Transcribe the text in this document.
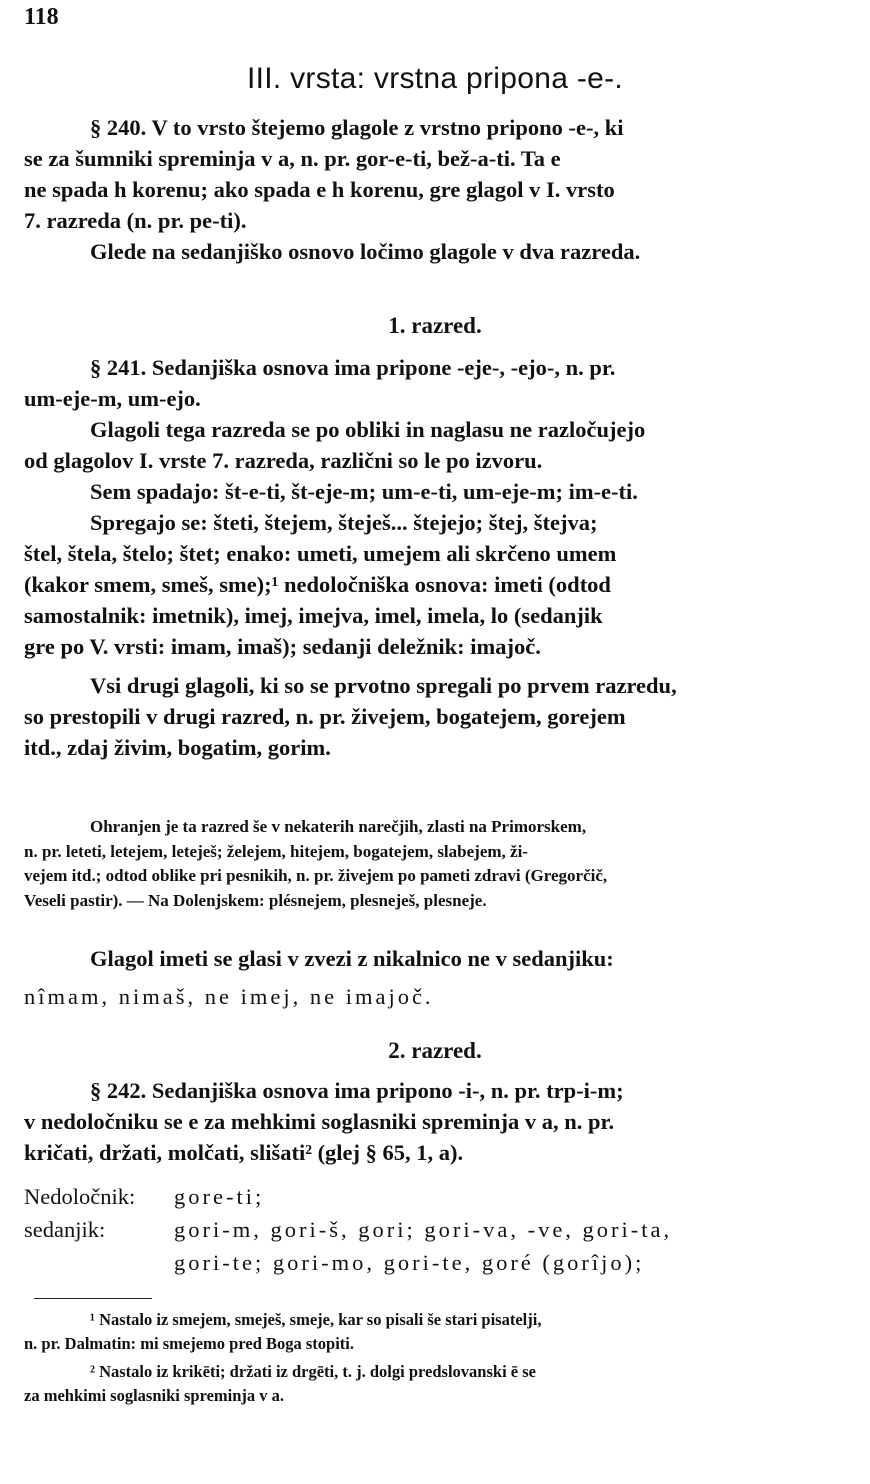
118
III. vrsta: vrstna pripona -e-.

§ 240. V to vrsto štejemo glagole z vrstno pripono -e-, ki

se za šumniki spreminja v a, n. pr. gor-e-ti, bež-a-ti. Ta e

ne spada h korenu; ako spada e h korenu, gre glagol v I. vrsto

7. razreda (n. pr. pe-ti).

Glede na sedanjiško osnovo ločimo glagole v dva razreda.

1. razred.

§ 241. Sedanjiška osnova ima pripone -eje-, -ejo-, n. pr.

um-eje-m, um-ejo.

Glagoli tega razreda se po obliki in naglasu ne razločujejo

od glagolov I. vrste 7. razreda, različni so le po izvoru.

Sem spadajo: št-e-ti, št-eje-m; um-e-ti, um-eje-m; im-e-ti.

Spregajo se: šteti, štejem, šteješ... štejejo; štej, štejva;

štel, štela, štelo; štet; enako: umeti, umejem ali skrčeno umem

(kakor smem, smeš, sme);¹ nedoločniška osnova: imeti (odtod

samostalnik: imetnik), imej, imejva, imel, imela, lo (sedanjik

gre po V. vrsti: imam, imaš); sedanji deležnik: imajoč.

Vsi drugi glagoli, ki so se prvotno spregali po prvem razredu,

so prestopili v drugi razred, n. pr. živejem, bogatejem, gorejem

itd., zdaj živim, bogatim, gorim.

Ohranjen je ta razred še v nekaterih narečjih, zlasti na Primorskem,

n. pr. leteti, letejem, leteješ; želejem, hitejem, bogatejem, slabejem, ži-

vejem itd.; odtod oblike pri pesnikih, n. pr. živejem po pameti zdravi (Gregorčič,

Veseli pastir). — Na Dolenjskem: plésnejem, plesneješ, plesneje.

Glagol imeti se glasi v zvezi z nikalnico ne v sedanjiku:

nîmam, nimaš, ne imej, ne imajoč.

2. razred.

§ 242. Sedanjiška osnova ima pripono -i-, n. pr. trp-i-m;

v nedoločniku se e za mehkimi soglasniki spreminja v a, n. pr.

kričati, držati, molčati, slišati² (glej § 65, 1, a).

Nedoločnik:	gore-ti;
sedanjik:	gori-m, gori-š, gori; gori-va, -ve, gori-ta,
gori-te; gori-mo, gori-te, goré (gorîjo);

¹ Nastalo iz smejem, smeješ, smeje, kar so pisali še stari pisatelji,

n. pr. Dalmatin: mi smejemo pred Boga stopiti.

² Nastalo iz krikēti; držati iz drgēti, t. j. dolgi predslovanski ē se

za mehkimi soglasniki spreminja v a.
